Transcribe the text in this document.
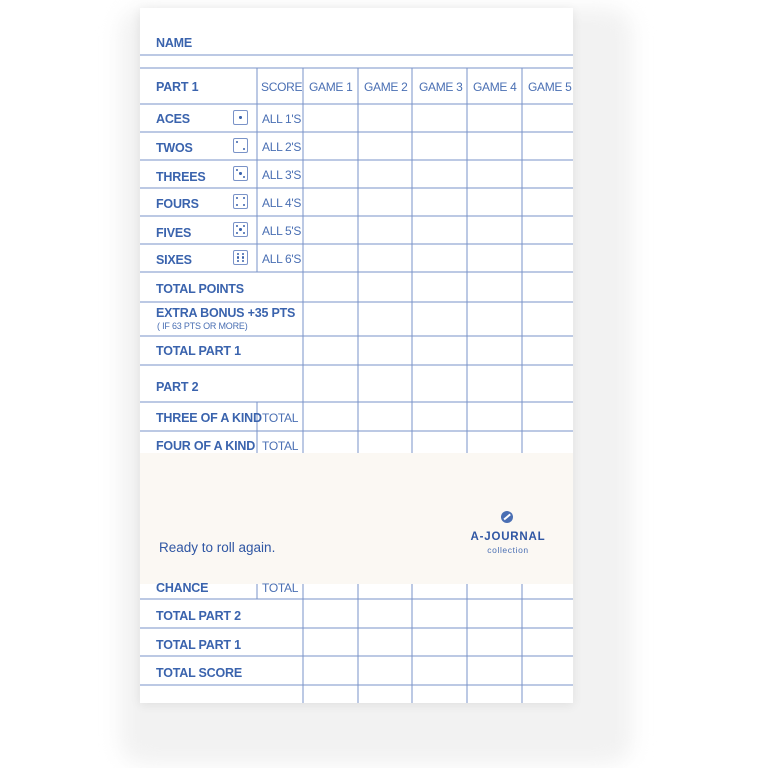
NAME
PART 1	SCORE GAME 1 GAME 2 GAME 3 GAME 4 GAME 5
ACES
TWOS
THREES
FOURS
FIVES
SIXES
ALL 1'S
ALL 2'S
ALL 3'S
ALL 4'S
ALL 5'S
ALL 6'S
TOTAL POINTS
EXTRA BONUS +35 PTS
( IF 63 PTS OR MORE)
TOTAL PART 1
PART 2
THREE OF A KIND TOTAL
FOUR OF A KIND TOTAL
Ready to roll again.
A-JOURNAL
collection
CHANCE	TOTAL
TOTAL PART 2
TOTAL PART 1
TOTAL SCORE
